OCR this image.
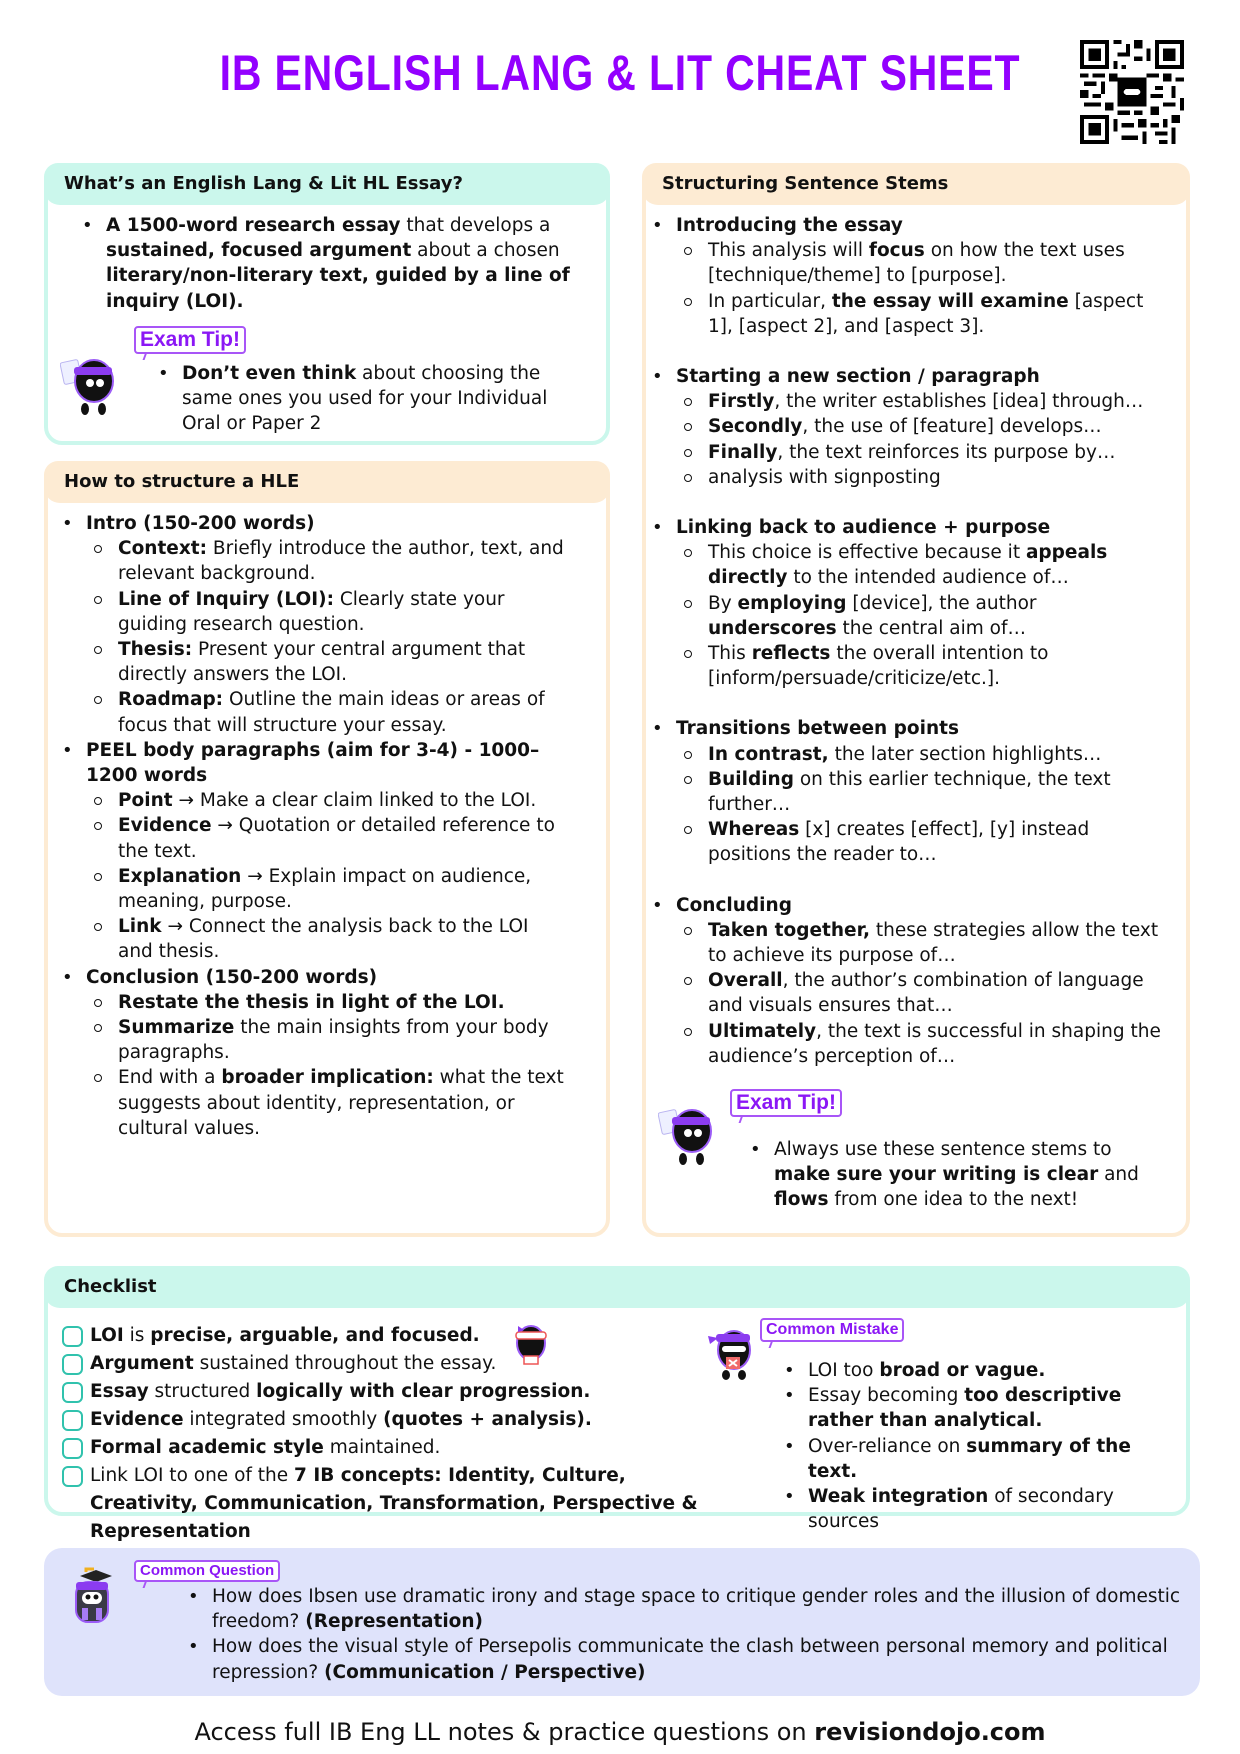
IB ENGLISH LANG & LIT CHEAT SHEET
What’s an English Lang & Lit HL Essay?
• A 1500-word research essay that develops a sustained, focused argument about a chosen literary/non-literary text, guided by a line of inquiry (LOI).
Exam Tip!
• Don’t even think about choosing the same ones you used for your Individual Oral or Paper 2
How to structure a HLE
• Intro (150-200 words)
Context: Briefly introduce the author, text, and relevant background.
Line of Inquiry (LOI): Clearly state your guiding research question.
Thesis: Present your central argument that directly answers the LOI.
Roadmap: Outline the main ideas or areas of focus that will structure your essay.
• PEEL body paragraphs (aim for 3-4) - 1000–1200 words
Point → Make a clear claim linked to the LOI.
Evidence → Quotation or detailed reference to the text.
Explanation → Explain impact on audience, meaning, purpose.
Link → Connect the analysis back to the LOI and thesis.
• Conclusion (150-200 words)
Restate the thesis in light of the LOI.
Summarize the main insights from your body paragraphs.
End with a broader implication: what the text suggests about identity, representation, or cultural values.
Structuring Sentence Stems
• Introducing the essay
This analysis will focus on how the text uses [technique/theme] to [purpose].
In particular, the essay will examine [aspect 1], [aspect 2], and [aspect 3].
• Starting a new section / paragraph
Firstly, the writer establishes [idea] through…
Secondly, the use of [feature] develops…
Finally, the text reinforces its purpose by…
analysis with signposting
• Linking back to audience + purpose
This choice is effective because it appeals directly to the intended audience of…
By employing [device], the author underscores the central aim of…
This reflects the overall intention to [inform/persuade/criticize/etc.].
• Transitions between points
In contrast, the later section highlights…
Building on this earlier technique, the text further…
Whereas [x] creates [effect], [y] instead positions the reader to…
• Concluding
Taken together, these strategies allow the text to achieve its purpose of…
Overall, the author’s combination of language and visuals ensures that…
Ultimately, the text is successful in shaping the audience’s perception of…
Exam Tip!
• Always use these sentence stems to make sure your writing is clear and flows from one idea to the next!
Checklist
LOI is precise, arguable, and focused.
Argument sustained throughout the essay.
Essay structured logically with clear progression.
Evidence integrated smoothly (quotes + analysis).
Formal academic style maintained.
Link LOI to one of the 7 IB concepts: Identity, Culture, Creativity, Communication, Transformation, Perspective & Representation
Common Mistake
• LOI too broad or vague.
• Essay becoming too descriptive rather than analytical.
• Over-reliance on summary of the text.
• Weak integration of secondary sources
Common Question
• How does Ibsen use dramatic irony and stage space to critique gender roles and the illusion of domestic freedom? (Representation)
• How does the visual style of Persepolis communicate the clash between personal memory and political repression? (Communication / Perspective)
Access full IB Eng LL notes & practice questions on revisiondojo.com
